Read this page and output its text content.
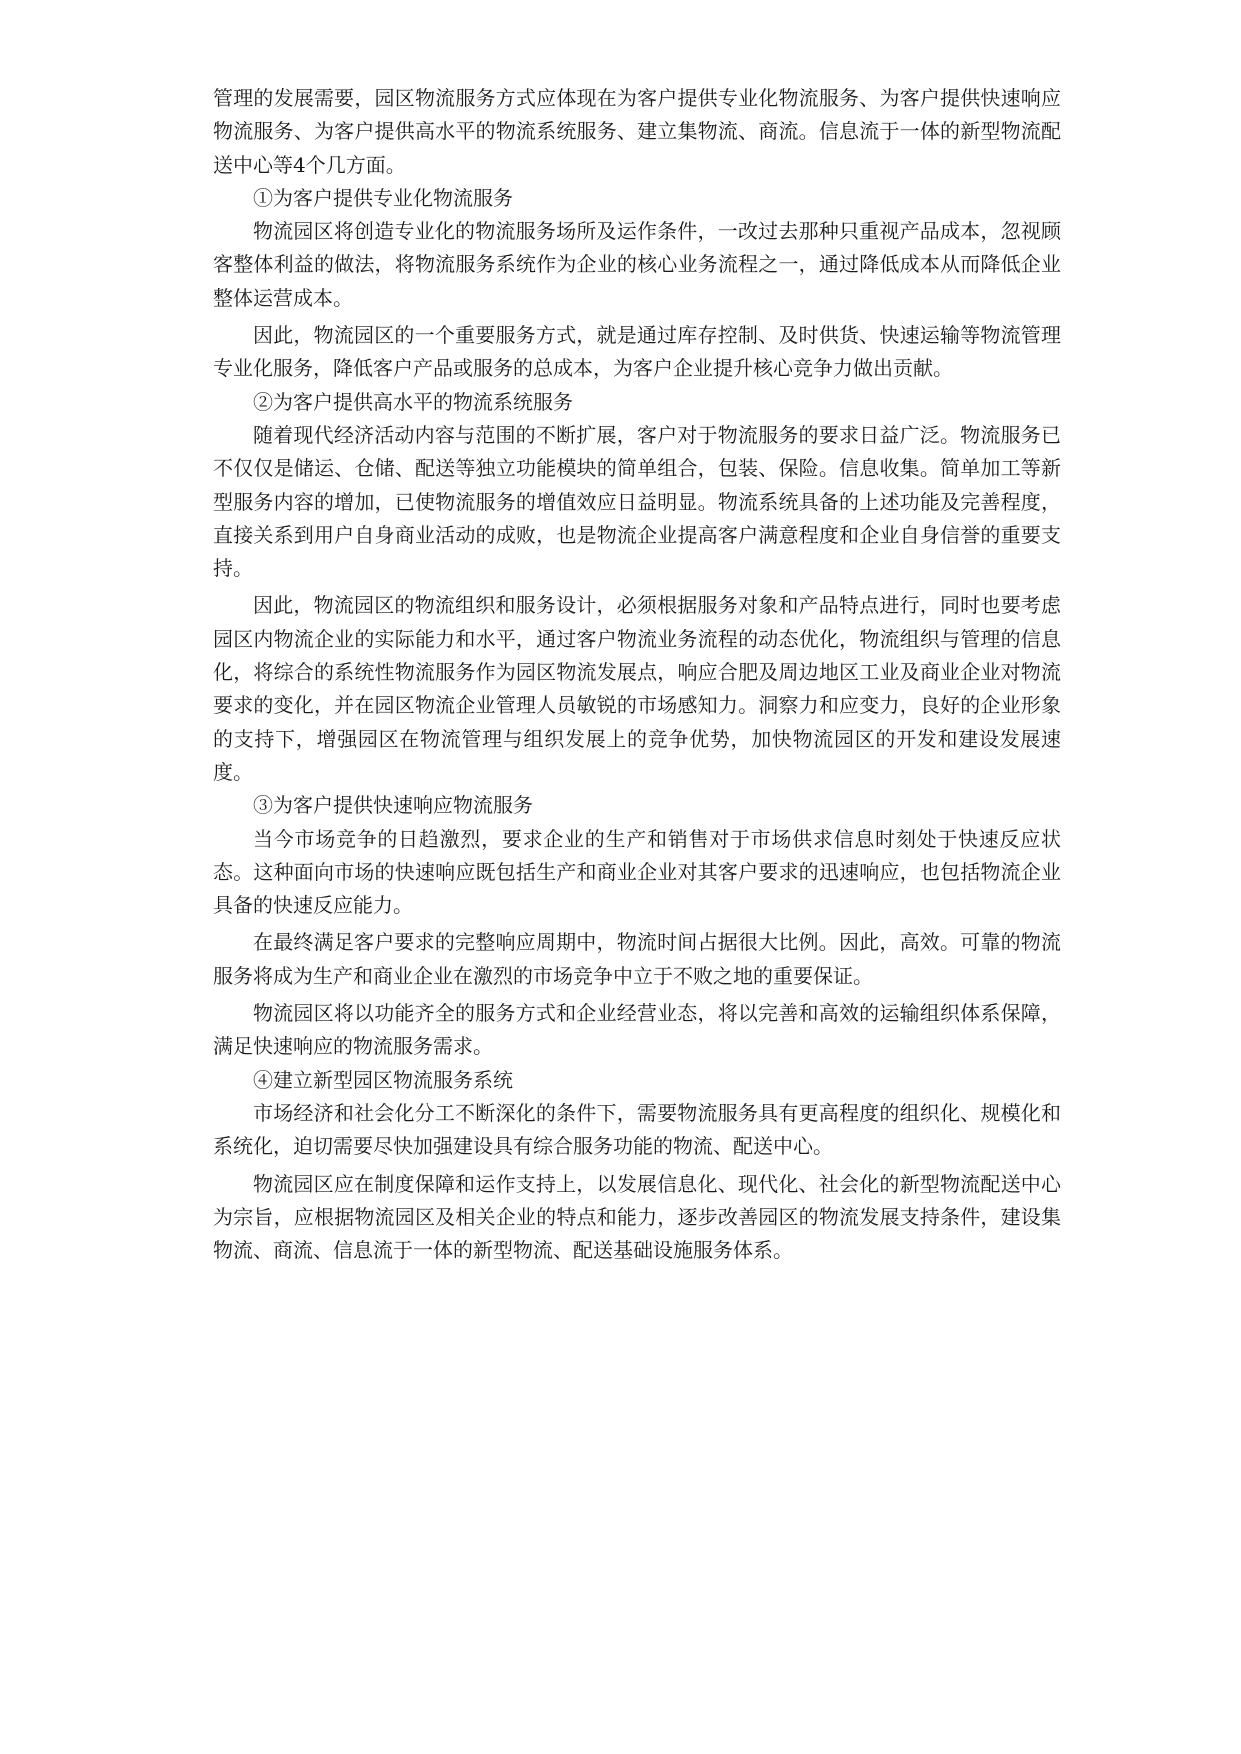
管理的发展需要，园区物流服务方式应体现在为客户提供专业化物流服务、为客户提供快速响应物流服务、为客户提供高水平的物流系统服务、建立集物流、商流。信息流于一体的新型物流配送中心等4个几方面。

①为客户提供专业化物流服务

物流园区将创造专业化的物流服务场所及运作条件，一改过去那种只重视产品成本，忽视顾客整体利益的做法，将物流服务系统作为企业的核心业务流程之一，通过降低成本从而降低企业整体运营成本。

因此，物流园区的一个重要服务方式，就是通过库存控制、及时供货、快速运输等物流管理专业化服务，降低客户产品或服务的总成本，为客户企业提升核心竞争力做出贡献。

②为客户提供高水平的物流系统服务

随着现代经济活动内容与范围的不断扩展，客户对于物流服务的要求日益广泛。物流服务已不仅仅是储运、仓储、配送等独立功能模块的简单组合，包装、保险。信息收集。简单加工等新型服务内容的增加，已使物流服务的增值效应日益明显。物流系统具备的上述功能及完善程度，直接关系到用户自身商业活动的成败，也是物流企业提高客户满意程度和企业自身信誉的重要支持。

因此，物流园区的物流组织和服务设计，必须根据服务对象和产品特点进行，同时也要考虑园区内物流企业的实际能力和水平，通过客户物流业务流程的动态优化，物流组织与管理的信息化，将综合的系统性物流服务作为园区物流发展点，响应合肥及周边地区工业及商业企业对物流要求的变化，并在园区物流企业管理人员敏锐的市场感知力。洞察力和应变力，良好的企业形象的支持下，增强园区在物流管理与组织发展上的竞争优势，加快物流园区的开发和建设发展速度。

③为客户提供快速响应物流服务

当今市场竞争的日趋激烈，要求企业的生产和销售对于市场供求信息时刻处于快速反应状态。这种面向市场的快速响应既包括生产和商业企业对其客户要求的迅速响应，也包括物流企业具备的快速反应能力。

在最终满足客户要求的完整响应周期中，物流时间占据很大比例。因此，高效。可靠的物流服务将成为生产和商业企业在激烈的市场竞争中立于不败之地的重要保证。

物流园区将以功能齐全的服务方式和企业经营业态，将以完善和高效的运输组织体系保障，满足快速响应的物流服务需求。

④建立新型园区物流服务系统

市场经济和社会化分工不断深化的条件下，需要物流服务具有更高程度的组织化、规模化和系统化，迫切需要尽快加强建设具有综合服务功能的物流、配送中心。

物流园区应在制度保障和运作支持上，以发展信息化、现代化、社会化的新型物流配送中心为宗旨，应根据物流园区及相关企业的特点和能力，逐步改善园区的物流发展支持条件，建设集物流、商流、信息流于一体的新型物流、配送基础设施服务体系。
